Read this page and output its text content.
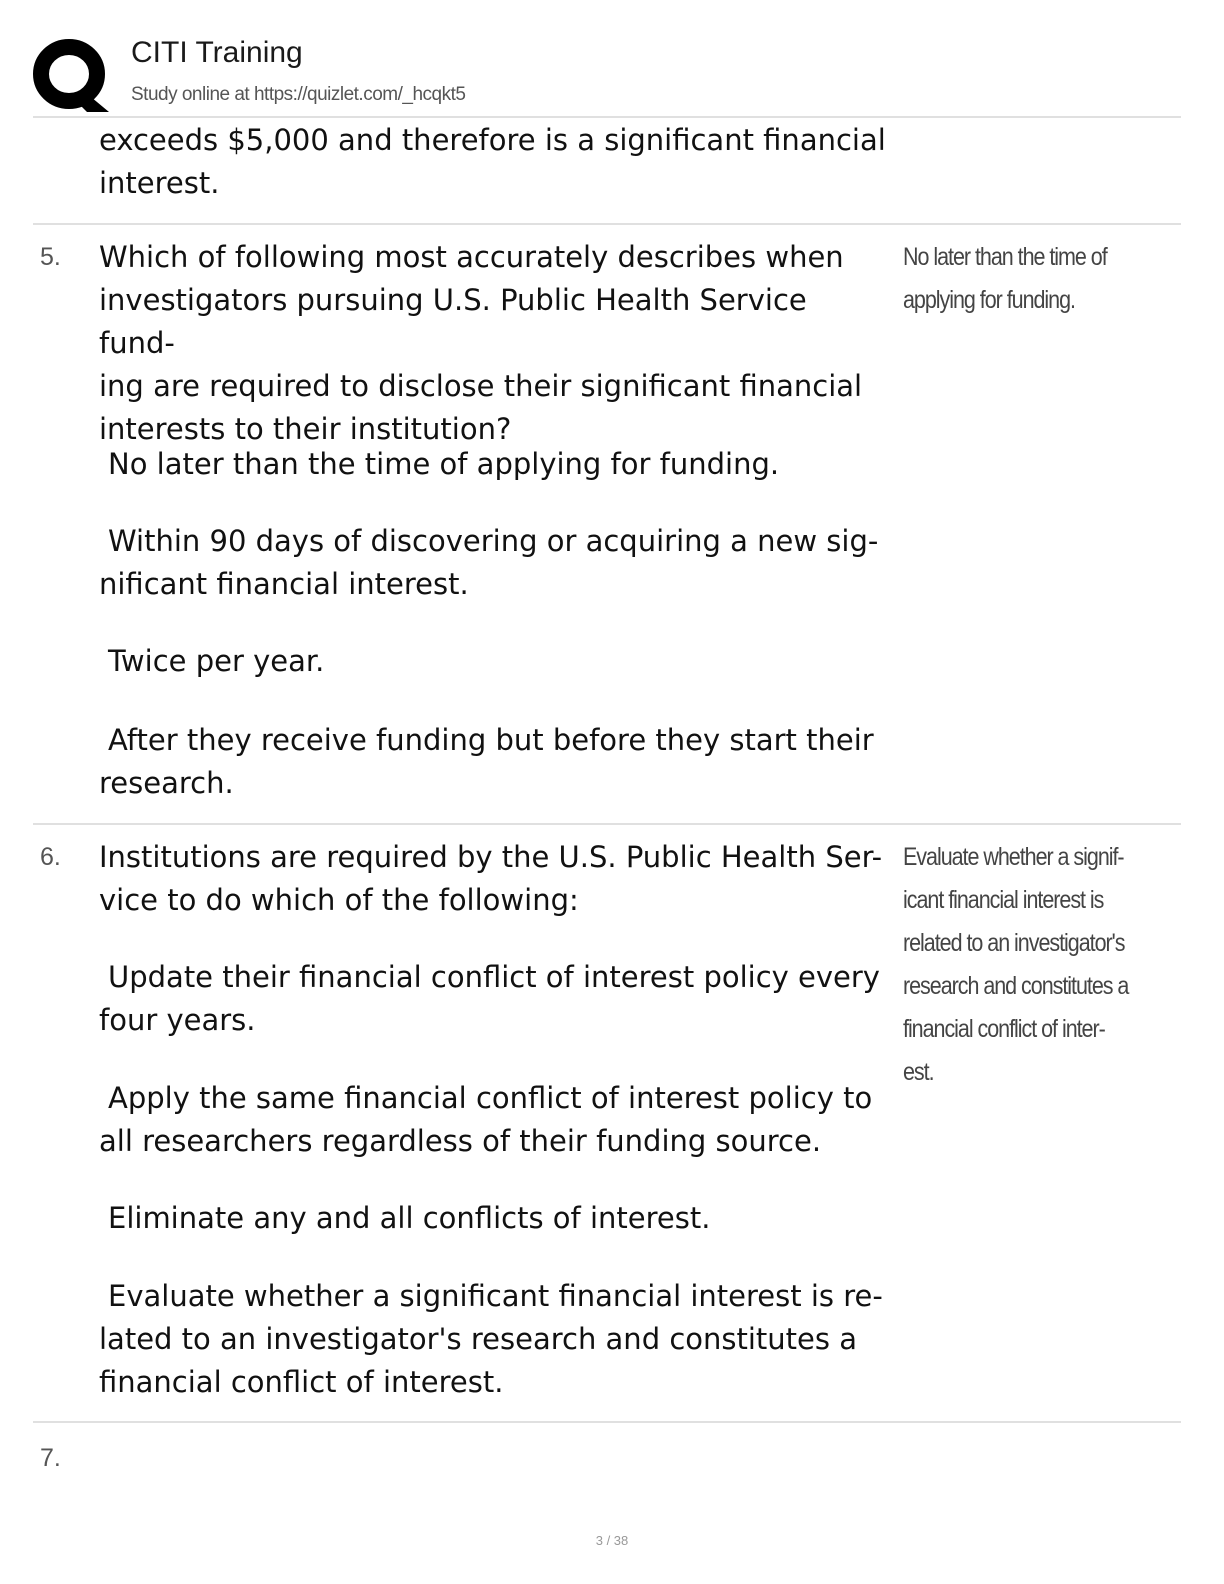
CITI Training
Study online at https://quizlet.com/_hcqkt5
exceeds $5,000 and therefore is a significant financial
interest.
5. Which of following most accurately describes when
investigators pursuing U.S. Public Health Service fund-
ing are required to disclose their significant financial
interests to their institution?
No later than the time of
applying for funding.
No later than the time of applying for funding.
Within 90 days of discovering or acquiring a new sig-
nificant financial interest.
Twice per year.
After they receive funding but before they start their
research.
6. Institutions are required by the U.S. Public Health Ser-
vice to do which of the following:
Evaluate whether a signif-
icant financial interest is
related to an investigator's
research and constitutes a
financial conflict of inter-
est.
Update their financial conflict of interest policy every
four years.
Apply the same financial conflict of interest policy to
all researchers regardless of their funding source.
Eliminate any and all conflicts of interest.
Evaluate whether a significant financial interest is re-
lated to an investigator's research and constitutes a
financial conflict of interest.
7.
3 / 38
